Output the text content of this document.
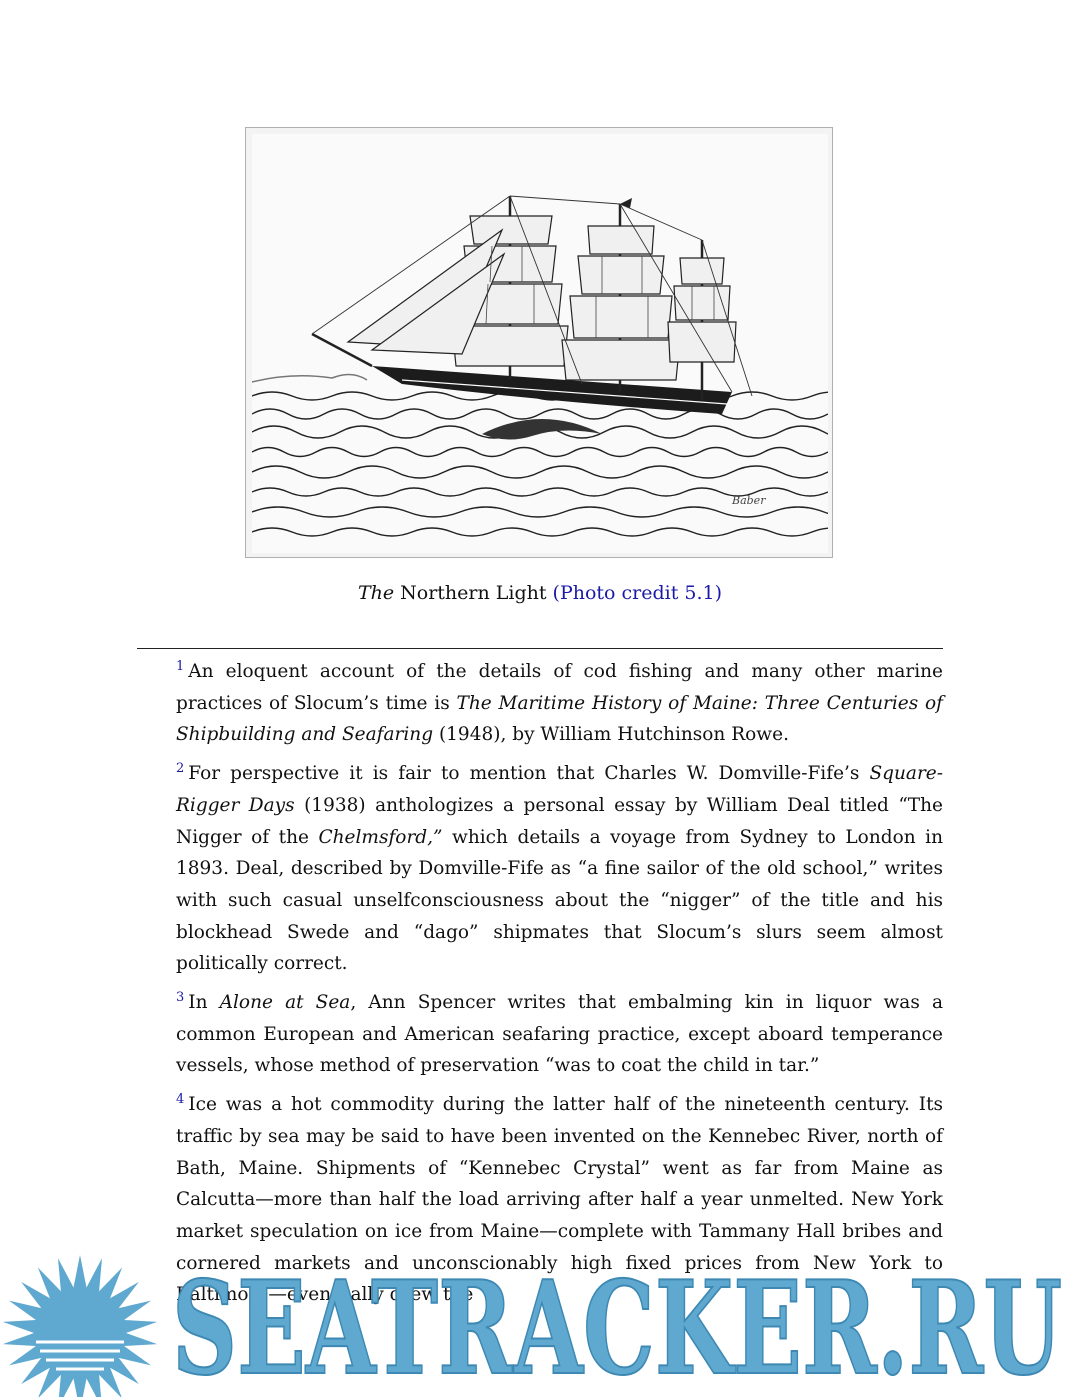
Baber
The Northern Light (Photo credit 5.1)

$^1$ An eloquent account of the details of cod fishing and many other marine practices of Slocum’s time is The Maritime History of Maine: Three Centuries of Shipbuilding and Seafaring (1948), by William Hutchinson Rowe.

$^2$ For perspective it is fair to mention that Charles W. Domville-Fife’s Square-Rigger Days (1938) anthologizes a personal essay by William Deal titled “The Nigger of the Chelmsford,” which details a voyage from Sydney to London in 1893. Deal, described by Domville-Fife as “a fine sailor of the old school,” writes with such casual unselfconsciousness about the “nigger” of the title and his blockhead Swede and “dago” shipmates that Slocum’s slurs seem almost politically correct.

$^3$ In Alone at Sea, Ann Spencer writes that embalming kin in liquor was a common European and American seafaring practice, except aboard temperance vessels, whose method of preservation “was to coat the child in tar.”

$^4$ Ice was a hot commodity during the latter half of the nineteenth century. Its traffic by sea may be said to have been invented on the Kennebec River, north of Bath, Maine. Shipments of “Kennebec Crystal” went as far from Maine as Calcutta—more than half the load arriving after half a year unmelted. New York market speculation on ice from Maine—complete with Tammany Hall bribes and cornered markets and unconscionably high fixed prices from New York to Baltimore—eventually drew the

SEATRACKER.RU
